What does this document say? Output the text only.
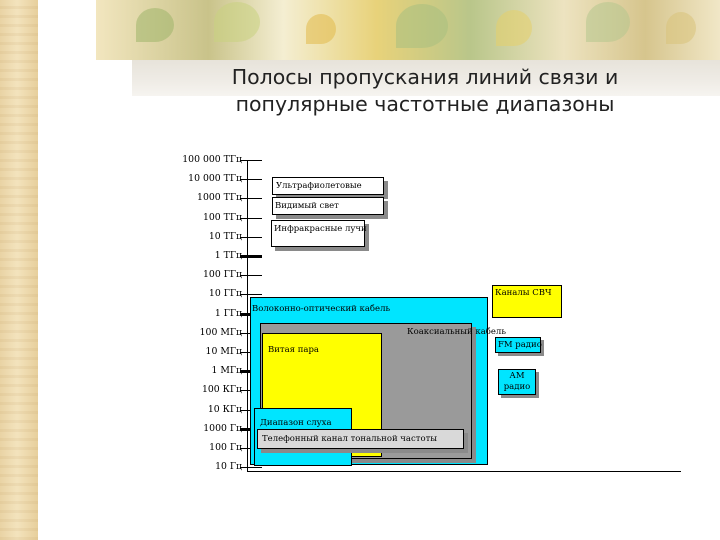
Полосы пропускания линий связи и
популярные частотные диапазоны
100 000 ТГц
10 000 ТГц
1000 ТГц
100 ТГц
10 ТГц
1 ТГц
100 ГГц
10 ГГц
1 ГГц
100 МГц
10 МГц
1 МГц
100 КГц
10 КГц
1000 Гц
100 Гц
10 Гц
Волоконно-оптический кабель
Коаксиальный кабель
Витая пара
Диапазон слуха
Телефонный канал тональной частоты
Ультрафиолетовые
Видимый свет
Инфракрасные лучи
Каналы СВЧ
FM радио
АМ радио
